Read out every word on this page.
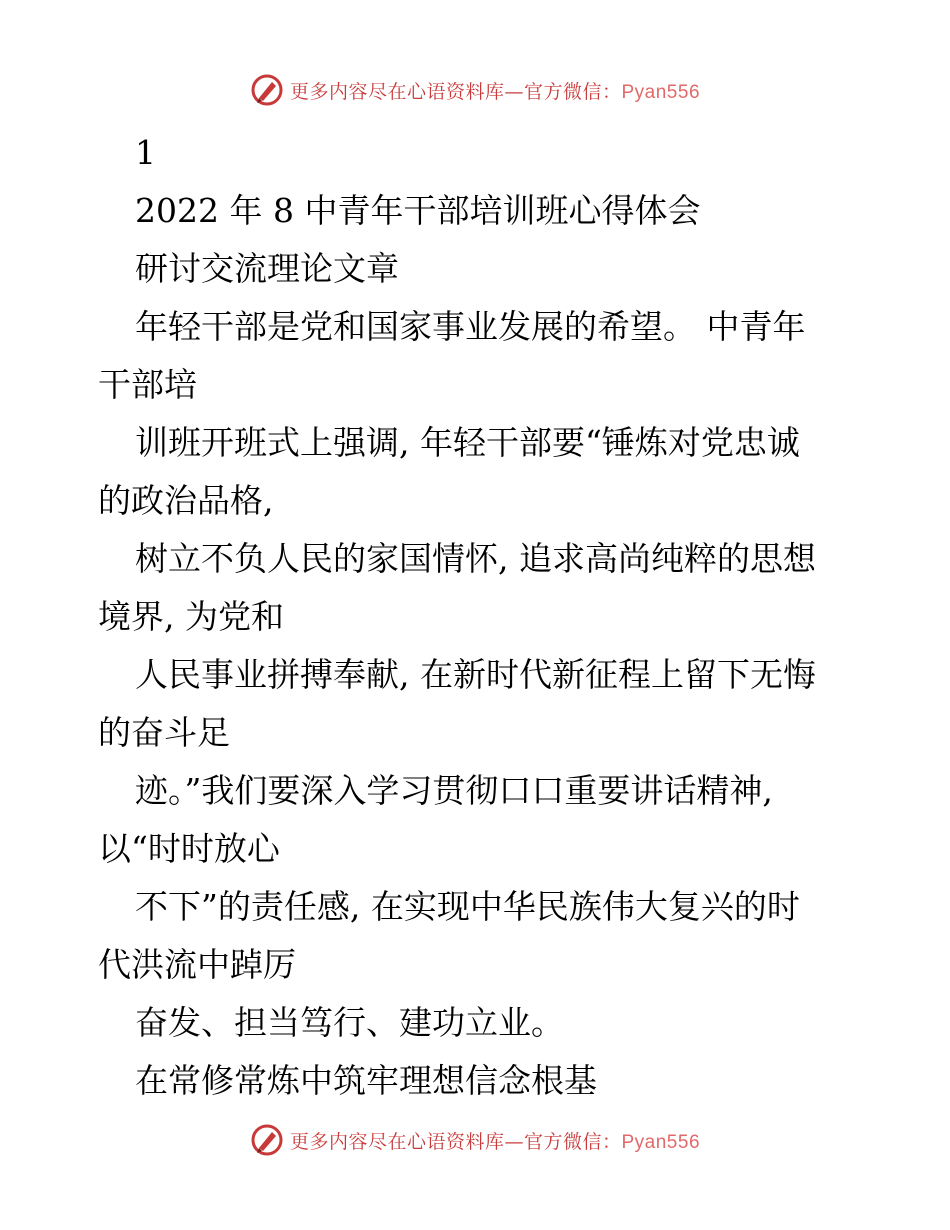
更多内容尽在心语资料库—官方微信：Pyan556
1
2022 年 8 中青年干部培训班心得体会
研讨交流理论文章
年轻干部是党和国家事业发展的希望。 中青年
干部培
训班开班式上强调, 年轻干部要“锤炼对党忠诚
的政治品格,
树立不负人民的家国情怀, 追求高尚纯粹的思想
境界, 为党和
人民事业拼搏奉献, 在新时代新征程上留下无悔
的奋斗足
迹。”我们要深入学习贯彻口口重要讲话精神,
以“时时放心
不下”的责任感, 在实现中华民族伟大复兴的时
代洪流中踔厉
奋发、担当笃行、建功立业。
在常修常炼中筑牢理想信念根基
更多内容尽在心语资料库—官方微信：Pyan556
